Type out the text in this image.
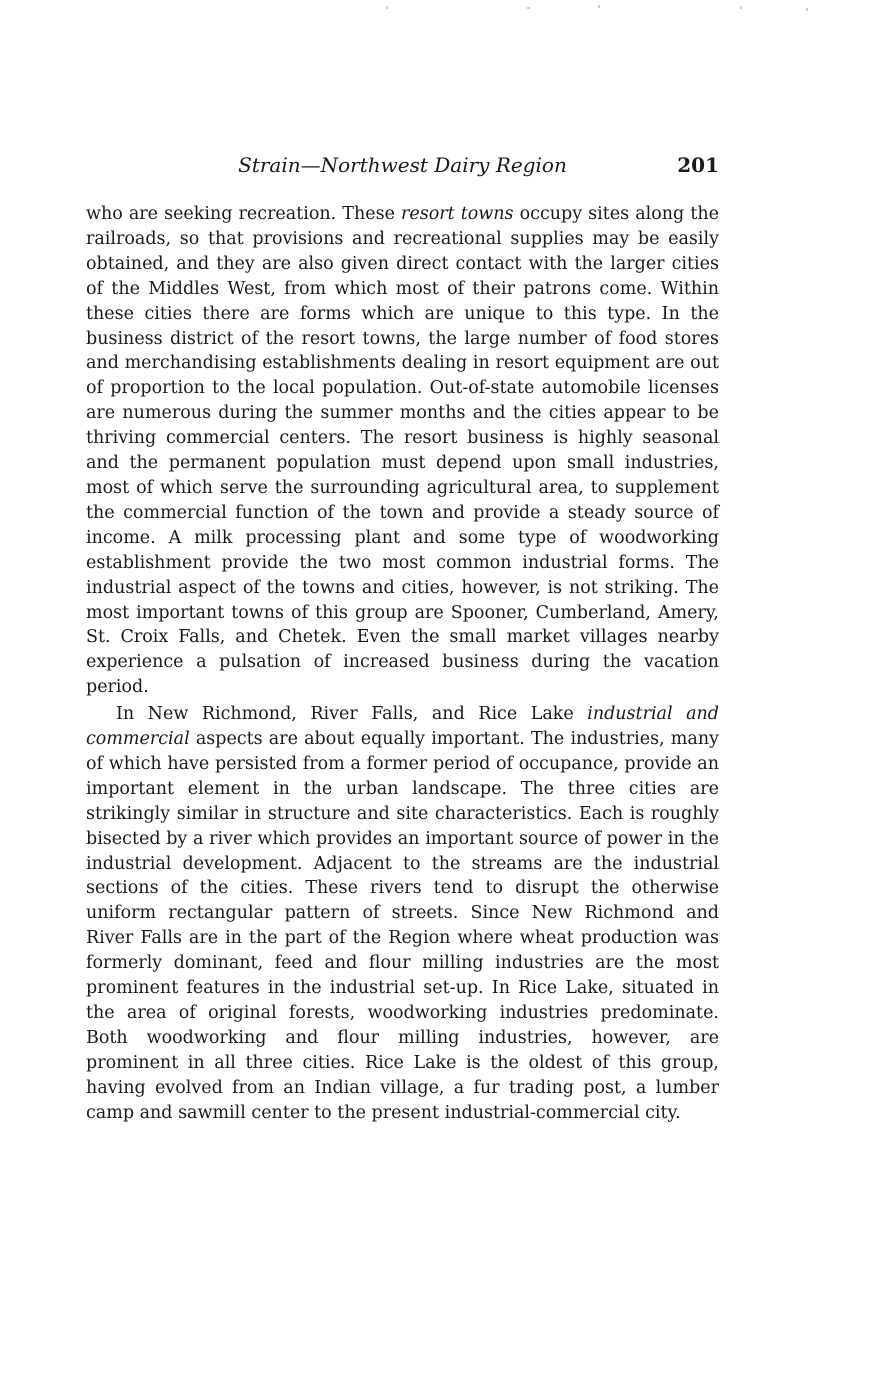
Strain—Northwest Dairy Region	201

who are seeking recreation. These resort towns occupy sites along the railroads, so that provisions and recreational supplies may be easily obtained, and they are also given direct contact with the larger cities of the Middles West, from which most of their patrons come. Within these cities there are forms which are unique to this type. In the business district of the resort towns, the large number of food stores and merchandising establishments dealing in resort equipment are out of proportion to the local population. Out-of-state automobile licenses are numerous during the summer months and the cities appear to be thriving commercial centers. The resort business is highly seasonal and the permanent population must depend upon small industries, most of which serve the surrounding agricultural area, to supplement the commercial function of the town and provide a steady source of income. A milk processing plant and some type of woodworking establishment provide the two most common industrial forms. The industrial aspect of the towns and cities, however, is not striking. The most important towns of this group are Spooner, Cumberland, Amery, St. Croix Falls, and Chetek. Even the small market villages nearby experience a pulsation of increased business during the vacation period.

In New Richmond, River Falls, and Rice Lake industrial and commercial aspects are about equally important. The industries, many of which have persisted from a former period of occupance, provide an important element in the urban landscape. The three cities are strikingly similar in structure and site characteristics. Each is roughly bisected by a river which provides an important source of power in the industrial development. Adjacent to the streams are the industrial sections of the cities. These rivers tend to disrupt the otherwise uniform rectangular pattern of streets. Since New Richmond and River Falls are in the part of the Region where wheat production was formerly dominant, feed and flour milling industries are the most prominent features in the industrial set-up. In Rice Lake, situated in the area of original forests, woodworking industries predominate. Both woodworking and flour milling industries, however, are prominent in all three cities. Rice Lake is the oldest of this group, having evolved from an Indian village, a fur trading post, a lumber camp and sawmill center to the present industrial-commercial city.
